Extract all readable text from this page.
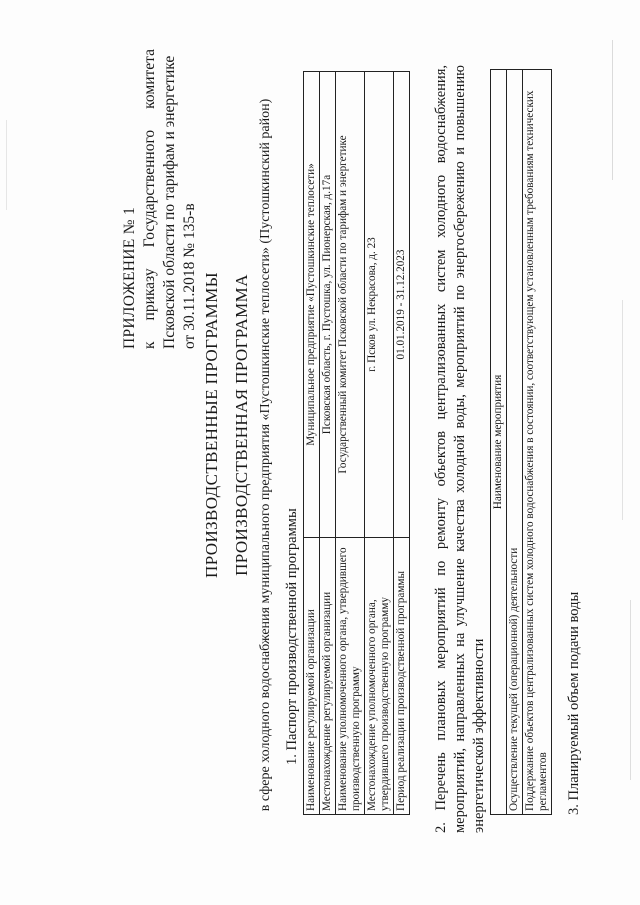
ПРИЛОЖЕНИЕ № 1 к
приказу
Государственного
комитета Псковской области по тарифам и энергетике от 30.11.2018 № 135-в ПРОИЗВОДСТВЕННЫЕ ПРОГРАММЫ ПРОИЗВОДСТВЕННАЯ ПРОГРАММА в сфере холодного водоснабжения муниципального предприятия «Пустошкинские теплосети» (Пустошкинский район) 1. Паспорт производственной программы Наименование регулируемой организации	Муниципальное предприятие «Пустошкинские теплосети»
Местонахождение регулируемой организации	Псковская область, г. Пустошка, ул. Пионерская, д.17а
Наименование уполномоченного органа, утвердившего производственную программу	Государственный комитет Псковской области по тарифам и энергетике
Местонахождение уполномоченного органа, утвердившего производственную программу	г. Псков ул. Некрасова, д. 23
Период реализации производственной программы	01.01.2019 - 31.12.2023 2. Перечень плановых мероприятий по ремонту объектов централизованных систем холодного водоснабжения, мероприятий, направленных на улучшение качества холодной воды, мероприятий по энергосбережению и повышению энергетической эффективности
Наименование мероприятия
Осуществление текущей (операционной) деятельности
Поддержание объектов централизованных систем холодного водоснабжения в состоянии, соответствующем установленным требованиям технических регламентов 3. Планируемый объем подачи воды
